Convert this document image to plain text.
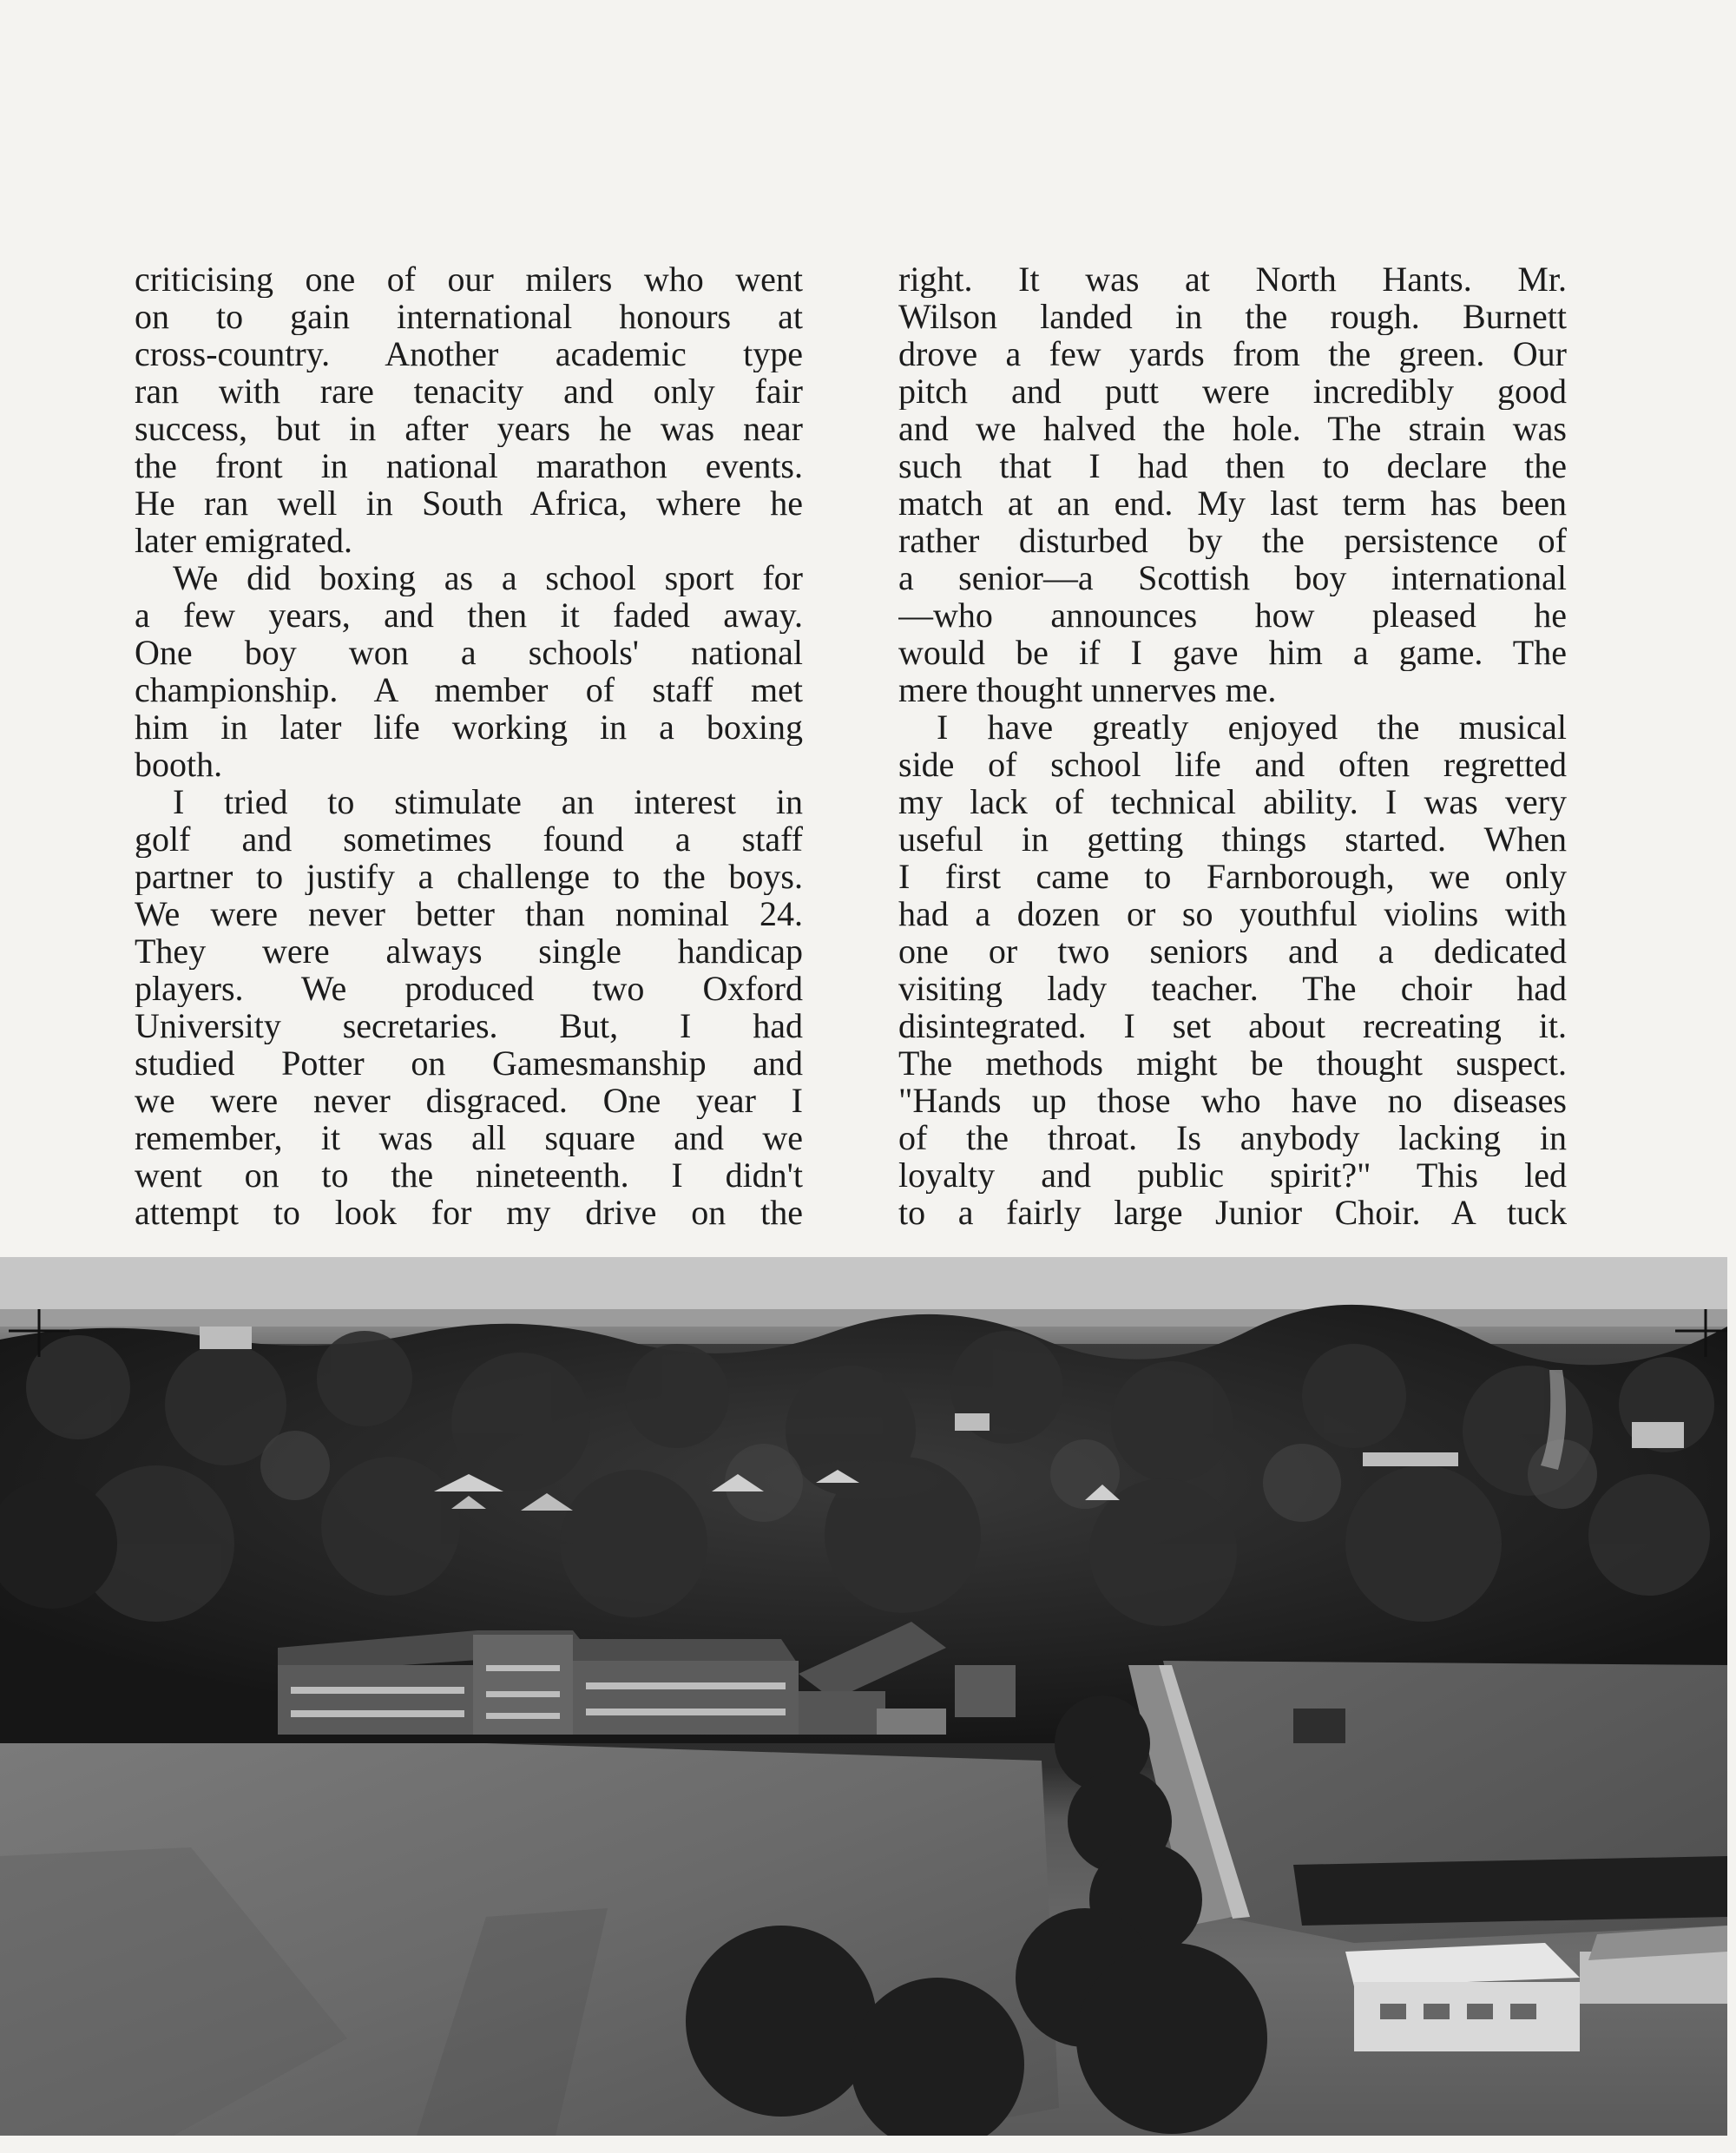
criticising one of our milers who went
on to gain international honours at
cross-country. Another academic type
ran with rare tenacity and only fair
success, but in after years he was near
the front in national marathon events.
He ran well in South Africa, where he
later emigrated.
We did boxing as a school sport for
a few years, and then it faded away.
One boy won a schools' national
championship. A member of staff met
him in later life working in a boxing
booth.
I tried to stimulate an interest in
golf and sometimes found a staff
partner to justify a challenge to the boys.
We were never better than nominal 24.
They were always single handicap
players. We produced two Oxford
University secretaries. But, I had
studied Potter on Gamesmanship and
we were never disgraced. One year I
remember, it was all square and we
went on to the nineteenth. I didn't
attempt to look for my drive on the
right. It was at North Hants. Mr.
Wilson landed in the rough. Burnett
drove a few yards from the green. Our
pitch and putt were incredibly good
and we halved the hole. The strain was
such that I had then to declare the
match at an end. My last term has been
rather disturbed by the persistence of
a senior—a Scottish boy international
—who announces how pleased he
would be if I gave him a game. The
mere thought unnerves me.
I have greatly enjoyed the musical
side of school life and often regretted
my lack of technical ability. I was very
useful in getting things started. When
I first came to Farnborough, we only
had a dozen or so youthful violins with
one or two seniors and a dedicated
visiting lady teacher. The choir had
disintegrated. I set about recreating it.
The methods might be thought suspect.
"Hands up those who have no diseases
of the throat. Is anybody lacking in
loyalty and public spirit?" This led
to a fairly large Junior Choir. A tuck
